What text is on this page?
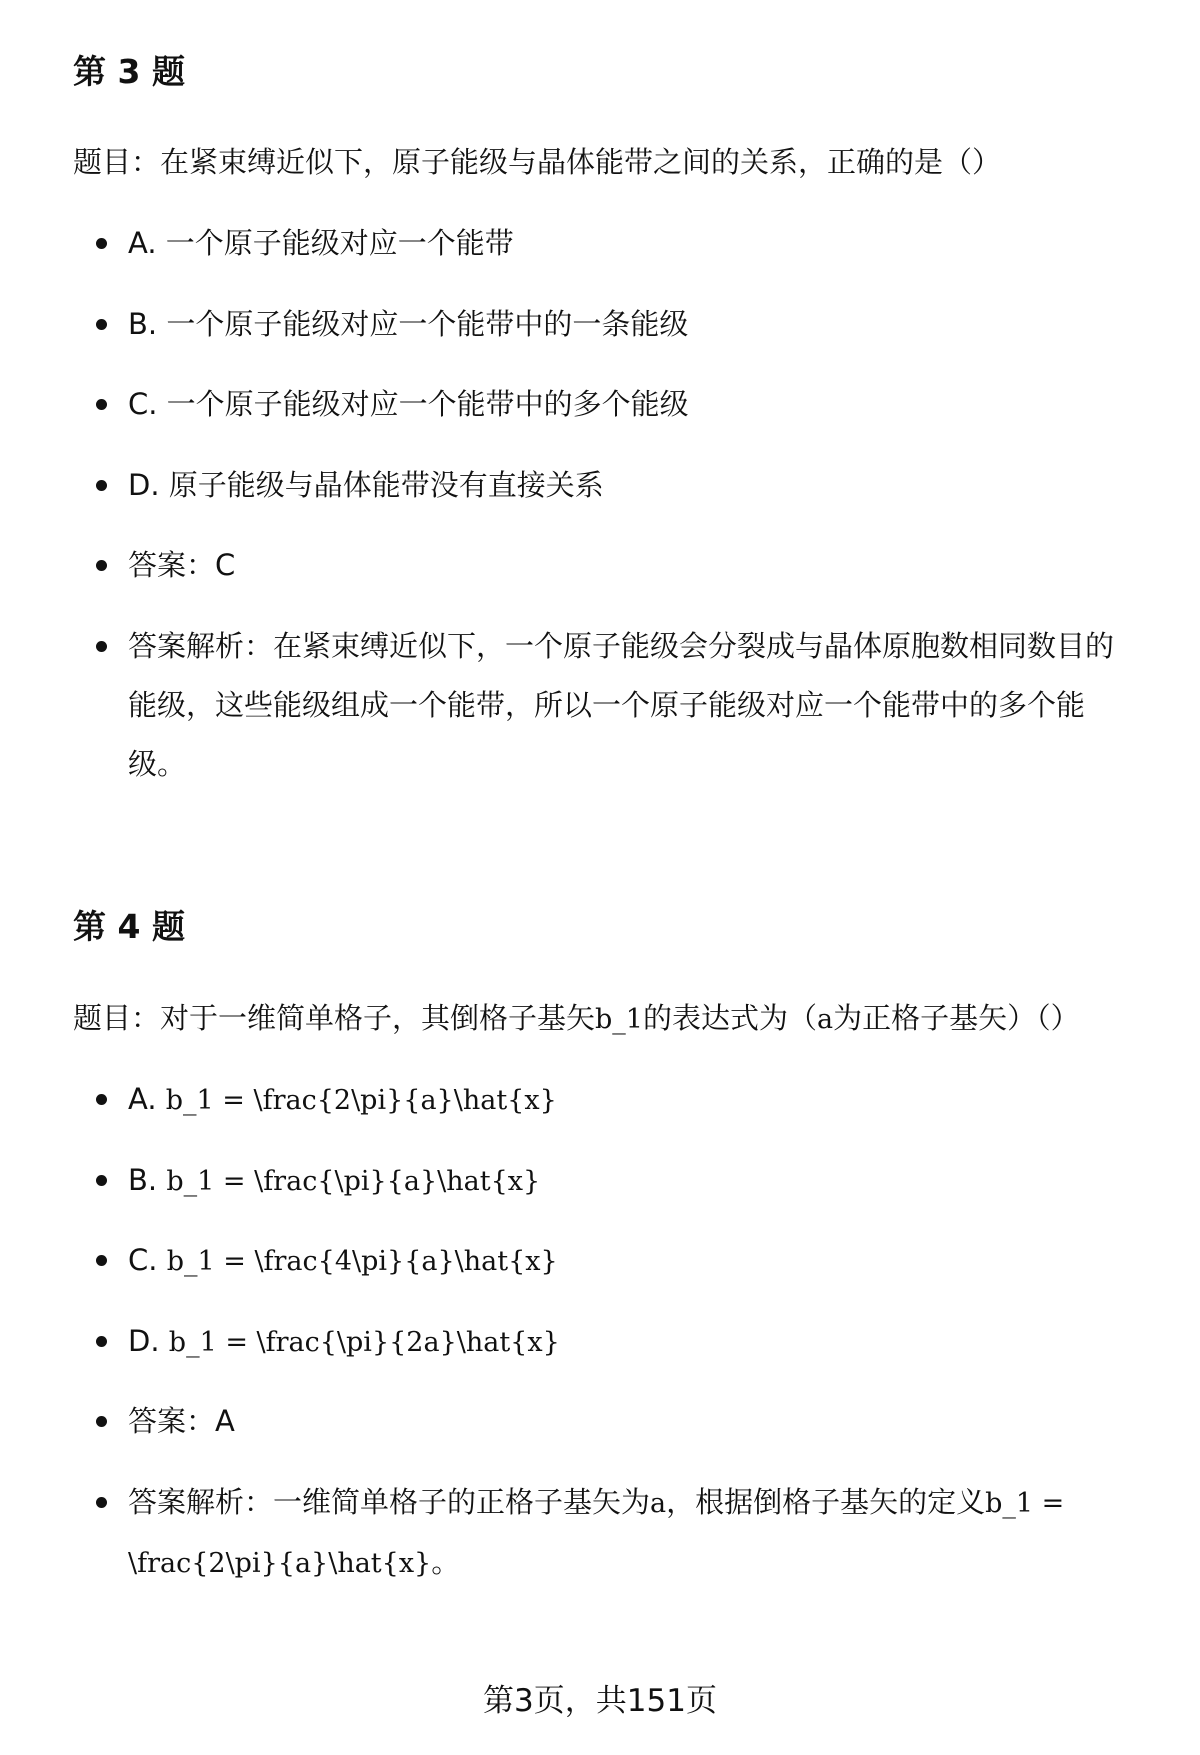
第 3 题

题目：在紧束缚近似下，原子能级与晶体能带之间的关系，正确的是（）

A. 一个原子能级对应一个能带
B. 一个原子能级对应一个能带中的一条能级
C. 一个原子能级对应一个能带中的多个能级
D. 原子能级与晶体能带没有直接关系
答案：C
答案解析：在紧束缚近似下，一个原子能级会分裂成与晶体原胞数相同数目的能级，这些能级组成一个能带，所以一个原子能级对应一个能带中的多个能级。
第 4 题

题目：对于一维简单格子，其倒格子基矢b_1的表达式为（a为正格子基矢）（）

A. b_1 = \frac{2\pi}{a}\hat{x}
B. b_1 = \frac{\pi}{a}\hat{x}
C. b_1 = \frac{4\pi}{a}\hat{x}
D. b_1 = \frac{\pi}{2a}\hat{x}
答案：A
答案解析：一维简单格子的正格子基矢为a，根据倒格子基矢的定义b_1 = \frac{2\pi}{a}\hat{x}。

第3页，共151页
